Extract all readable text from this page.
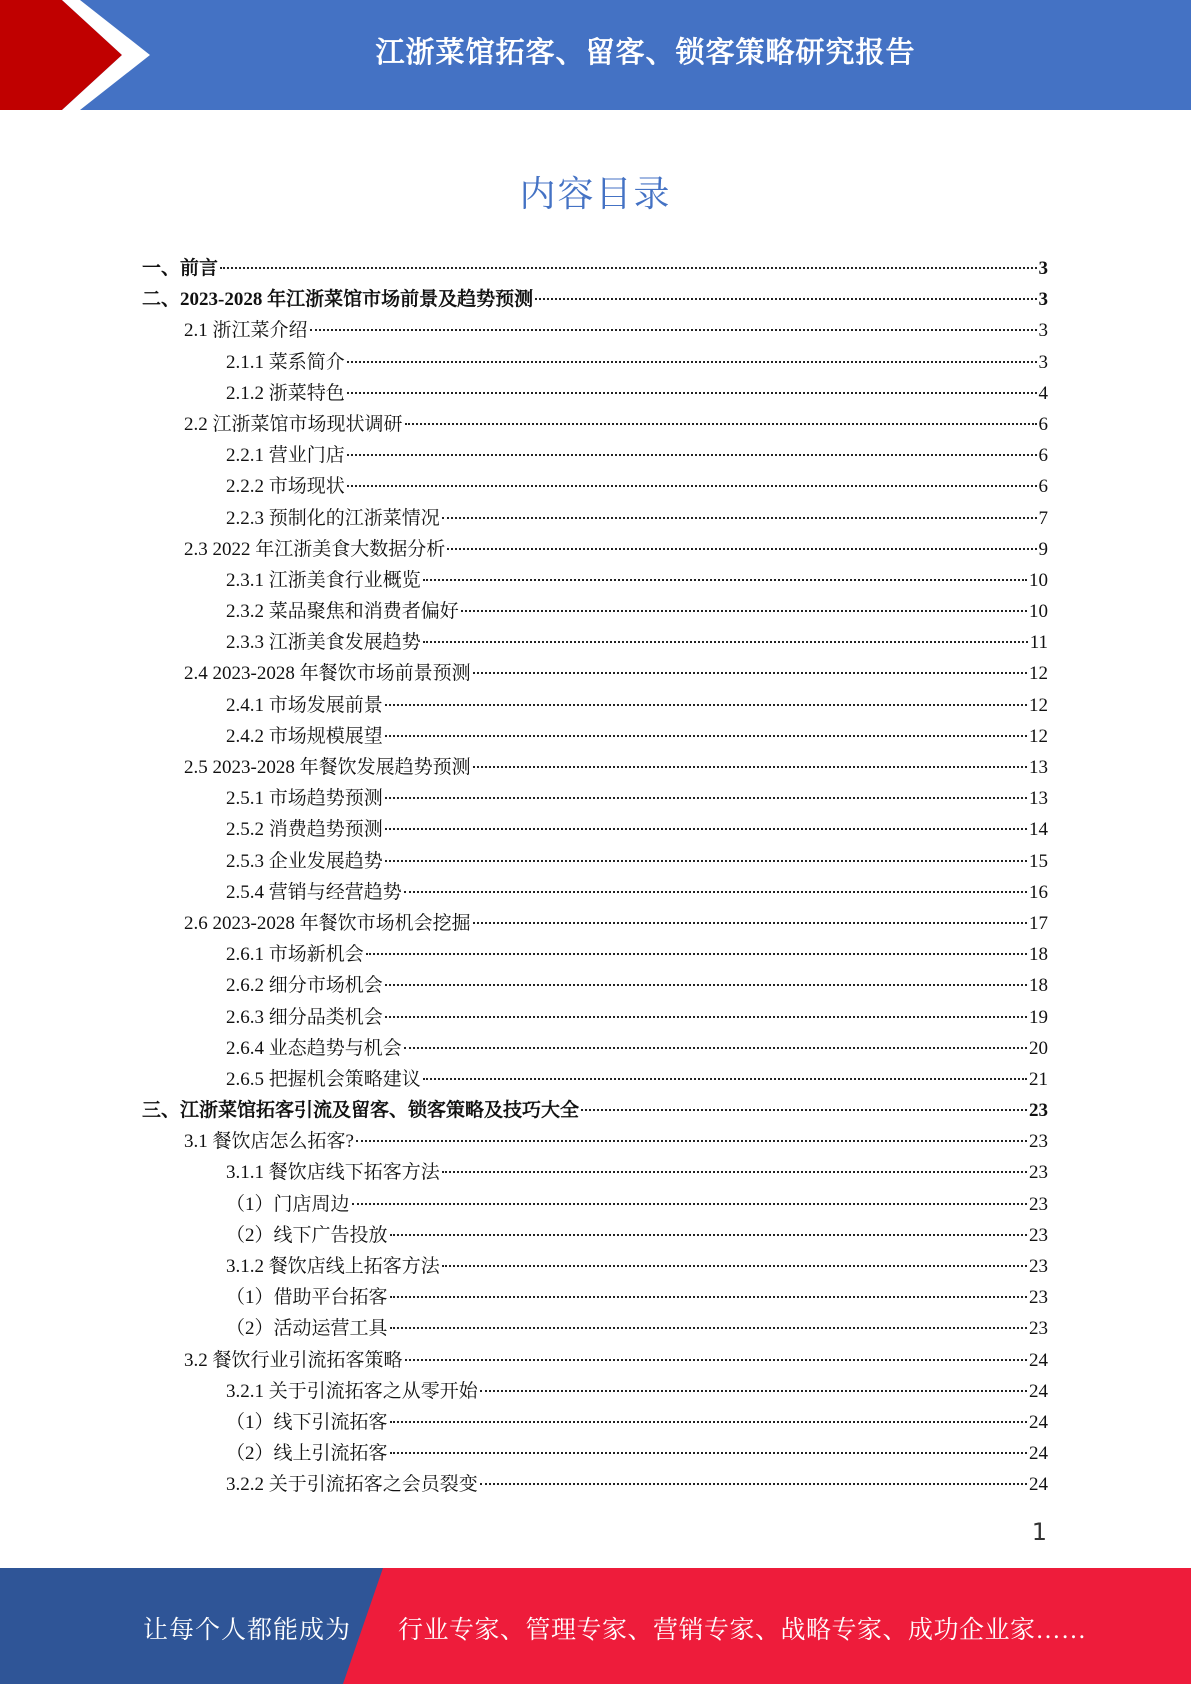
江浙菜馆拓客、留客、锁客策略研究报告
内容目录
一、前言	3
二、2023-2028 年江浙菜馆市场前景及趋势预测	3
2.1 浙江菜介绍	3
2.1.1 菜系简介	3
2.1.2 浙菜特色	4
2.2 江浙菜馆市场现状调研	6
2.2.1 营业门店	6
2.2.2 市场现状	6
2.2.3 预制化的江浙菜情况	7
2.3 2022 年江浙美食大数据分析	9
2.3.1 江浙美食行业概览	10
2.3.2 菜品聚焦和消费者偏好	10
2.3.3 江浙美食发展趋势	11
2.4 2023-2028 年餐饮市场前景预测	12
2.4.1 市场发展前景	12
2.4.2 市场规模展望	12
2.5 2023-2028 年餐饮发展趋势预测	13
2.5.1 市场趋势预测	13
2.5.2 消费趋势预测	14
2.5.3 企业发展趋势	15
2.5.4 营销与经营趋势	16
2.6 2023-2028 年餐饮市场机会挖掘	17
2.6.1 市场新机会	18
2.6.2 细分市场机会	18
2.6.3 细分品类机会	19
2.6.4 业态趋势与机会	20
2.6.5 把握机会策略建议	21
三、江浙菜馆拓客引流及留客、锁客策略及技巧大全	23
3.1 餐饮店怎么拓客?	23
3.1.1 餐饮店线下拓客方法	23
（1）门店周边	23
（2）线下广告投放	23
3.1.2 餐饮店线上拓客方法	23
（1）借助平台拓客	23
（2）活动运营工具	23
3.2 餐饮行业引流拓客策略	24
3.2.1 关于引流拓客之从零开始	24
（1）线下引流拓客	24
（2）线上引流拓客	24
3.2.2 关于引流拓客之会员裂变	24
1
让每个人都能成为 行业专家、管理专家、营销专家、战略专家、成功企业家……
